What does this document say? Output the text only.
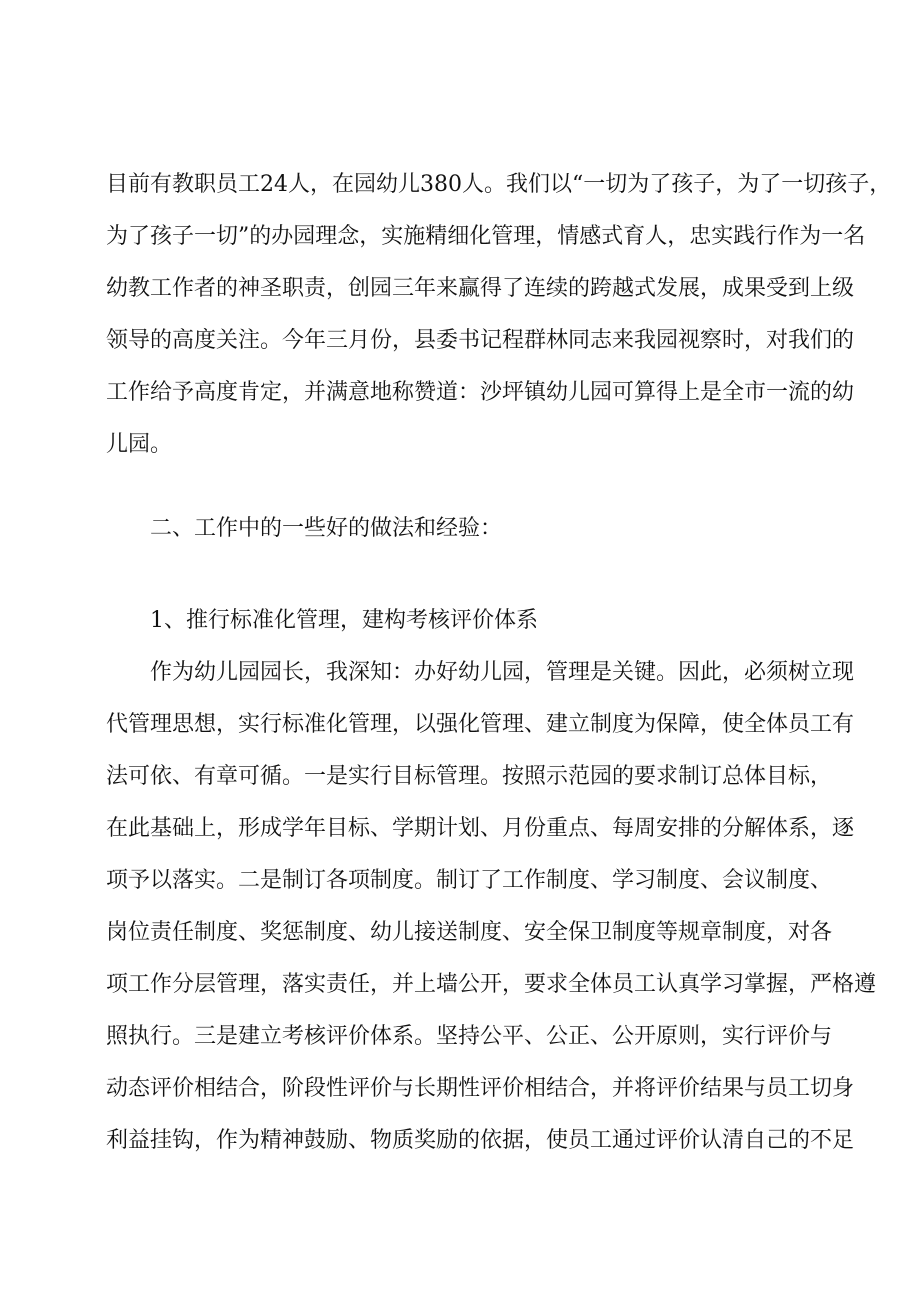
目前有教职员工24人，在园幼儿380人。我们以“一切为了孩子，为了一切孩子，
为了孩子一切”的办园理念，实施精细化管理，情感式育人，忠实践行作为一名
幼教工作者的神圣职责，创园三年来赢得了连续的跨越式发展，成果受到上级
领导的高度关注。今年三月份，县委书记程群林同志来我园视察时，对我们的
工作给予高度肯定，并满意地称赞道：沙坪镇幼儿园可算得上是全市一流的幼
儿园。
二、工作中的一些好的做法和经验：
1、推行标准化管理，建构考核评价体系
作为幼儿园园长，我深知：办好幼儿园，管理是关键。因此，必须树立现
代管理思想，实行标准化管理，以强化管理、建立制度为保障，使全体员工有
法可依、有章可循。一是实行目标管理。按照示范园的要求制订总体目标，
在此基础上，形成学年目标、学期计划、月份重点、每周安排的分解体系，逐
项予以落实。二是制订各项制度。制订了工作制度、学习制度、会议制度、
岗位责任制度、奖惩制度、幼儿接送制度、安全保卫制度等规章制度，对各
项工作分层管理，落实责任，并上墙公开，要求全体员工认真学习掌握，严格遵
照执行。三是建立考核评价体系。坚持公平、公正、公开原则，实行评价与
动态评价相结合，阶段性评价与长期性评价相结合，并将评价结果与员工切身
利益挂钩，作为精神鼓励、物质奖励的依据，使员工通过评价认清自己的不足
